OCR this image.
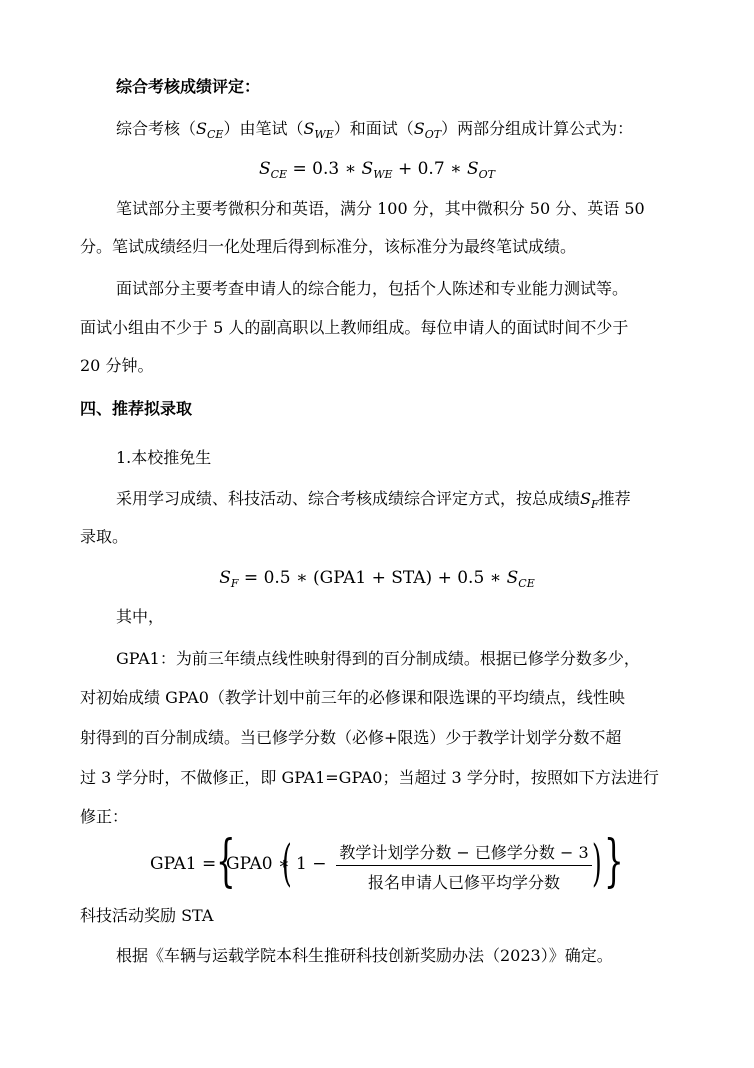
综合考核成绩评定：
综合考核$(S_{CE})$由笔试$(S_{WE})$和面试$(S_{OT})$两部分组成计算公式为：
$S_{CE} = 0.3$ ∗ $S_{WE} + 0.7$ ∗ $S_{OT}$
笔试部分主要考微积分和英语，满分 100 分，其中微积分 50 分、英语 50
分。笔试成绩经归一化处理后得到标准分，该标准分为最终笔试成绩。
面试部分主要考查申请人的综合能力，包括个人陈述和专业能力测试等。
面试小组由不少于 5 人的副高职以上教师组成。每位申请人的面试时间不少于
20 分钟。
四、推荐拟录取
1.本校推免生
采用学习成绩、科技活动、综合考核成绩综合评定方式，按总成绩$S_F$推荐
录取。
$S_F = 0.5$ ∗ (GPA1 + STA) + 0.5 ∗ $S_{CE}$
其中，
GPA1：为前三年绩点线性映射得到的百分制成绩。根据已修学分数多少，
对初始成绩 GPA0（教学计划中前三年的必修课和限选课的平均绩点，线性映
射得到的百分制成绩。当已修学分数（必修+限选）少于教学计划学分数不超
过 3 学分时，不做修正，即 GPA1=GPA0；当超过 3 学分时，按照如下方法进行
修正：
GPA1 = {
GPA0 ∗
( 1 −
教学计划学分数 − 已修学分数 − 3
报名申请人已修平均学分数 ) }
科技活动奖励 STA
根据《车辆与运载学院本科生推研科技创新奖励办法（2023）》确定。
